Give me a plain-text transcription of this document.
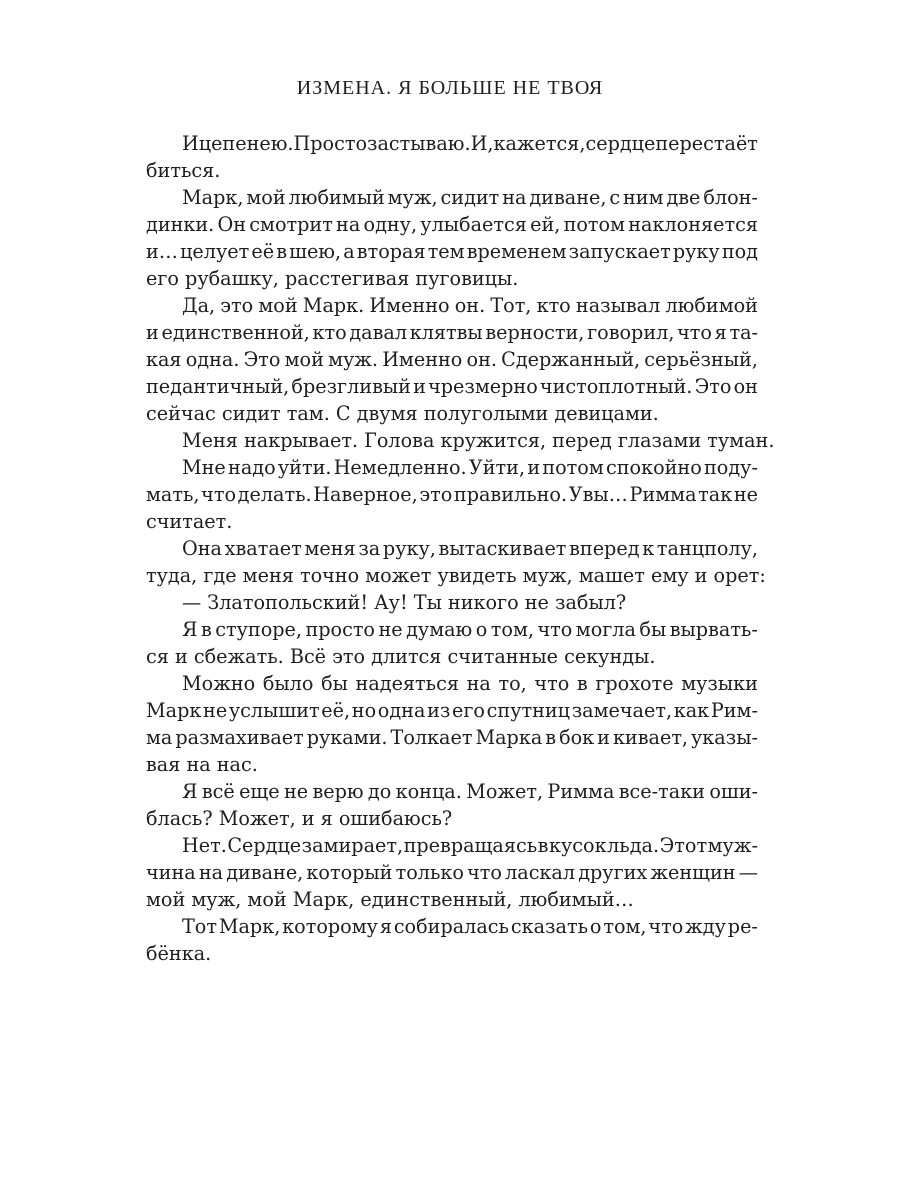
ИЗМЕНА. Я БОЛЬШЕ НЕ ТВОЯ
И цепенею. Просто застываю. И, кажется, сердце перестаёт
биться.
Марк, мой любимый муж, сидит на диване, с ним две блон-
динки. Он смотрит на одну, улыбается ей, потом наклоняется
и… целует её в шею, а вторая тем временем запускает руку под
его рубашку, расстегивая пуговицы.
Да, это мой Марк. Именно он. Тот, кто называл любимой
и единственной, кто давал клятвы верности, говорил, что я та-
кая одна. Это мой муж. Именно он. Сдержанный, серьёзный,
педантичный, брезгливый и чрезмерно чистоплотный. Это он
сейчас сидит там. С двумя полуголыми девицами.
Меня накрывает. Голова кружится, перед глазами туман.
Мне надо уйти. Немедленно. Уйти, и потом спокойно поду-
мать, что делать. Наверное, это правильно. Увы… Римма так не
считает.
Она хватает меня за руку, вытаскивает вперед к танцполу,
туда, где меня точно может увидеть муж, машет ему и орет:
— Златопольский! Ау! Ты никого не забыл?
Я в ступоре, просто не думаю о том, что могла бы вырвать-
ся и сбежать. Всё это длится считанные секунды.
Можно было бы надеяться на то, что в грохоте музыки
Марк не услышит её, но одна из его спутниц замечает, как Рим-
ма размахивает руками. Толкает Марка в бок и кивает, указы-
вая на нас.
Я всё еще не верю до конца. Может, Римма все-таки оши-
блась? Может, и я ошибаюсь?
Нет. Сердце замирает, превращаясь в кусок льда. Этот муж-
чина на диване, который только что ласкал других женщин —
мой муж, мой Марк, единственный, любимый…
Тот Марк, которому я собиралась сказать о том, что жду ре-
бёнка.
